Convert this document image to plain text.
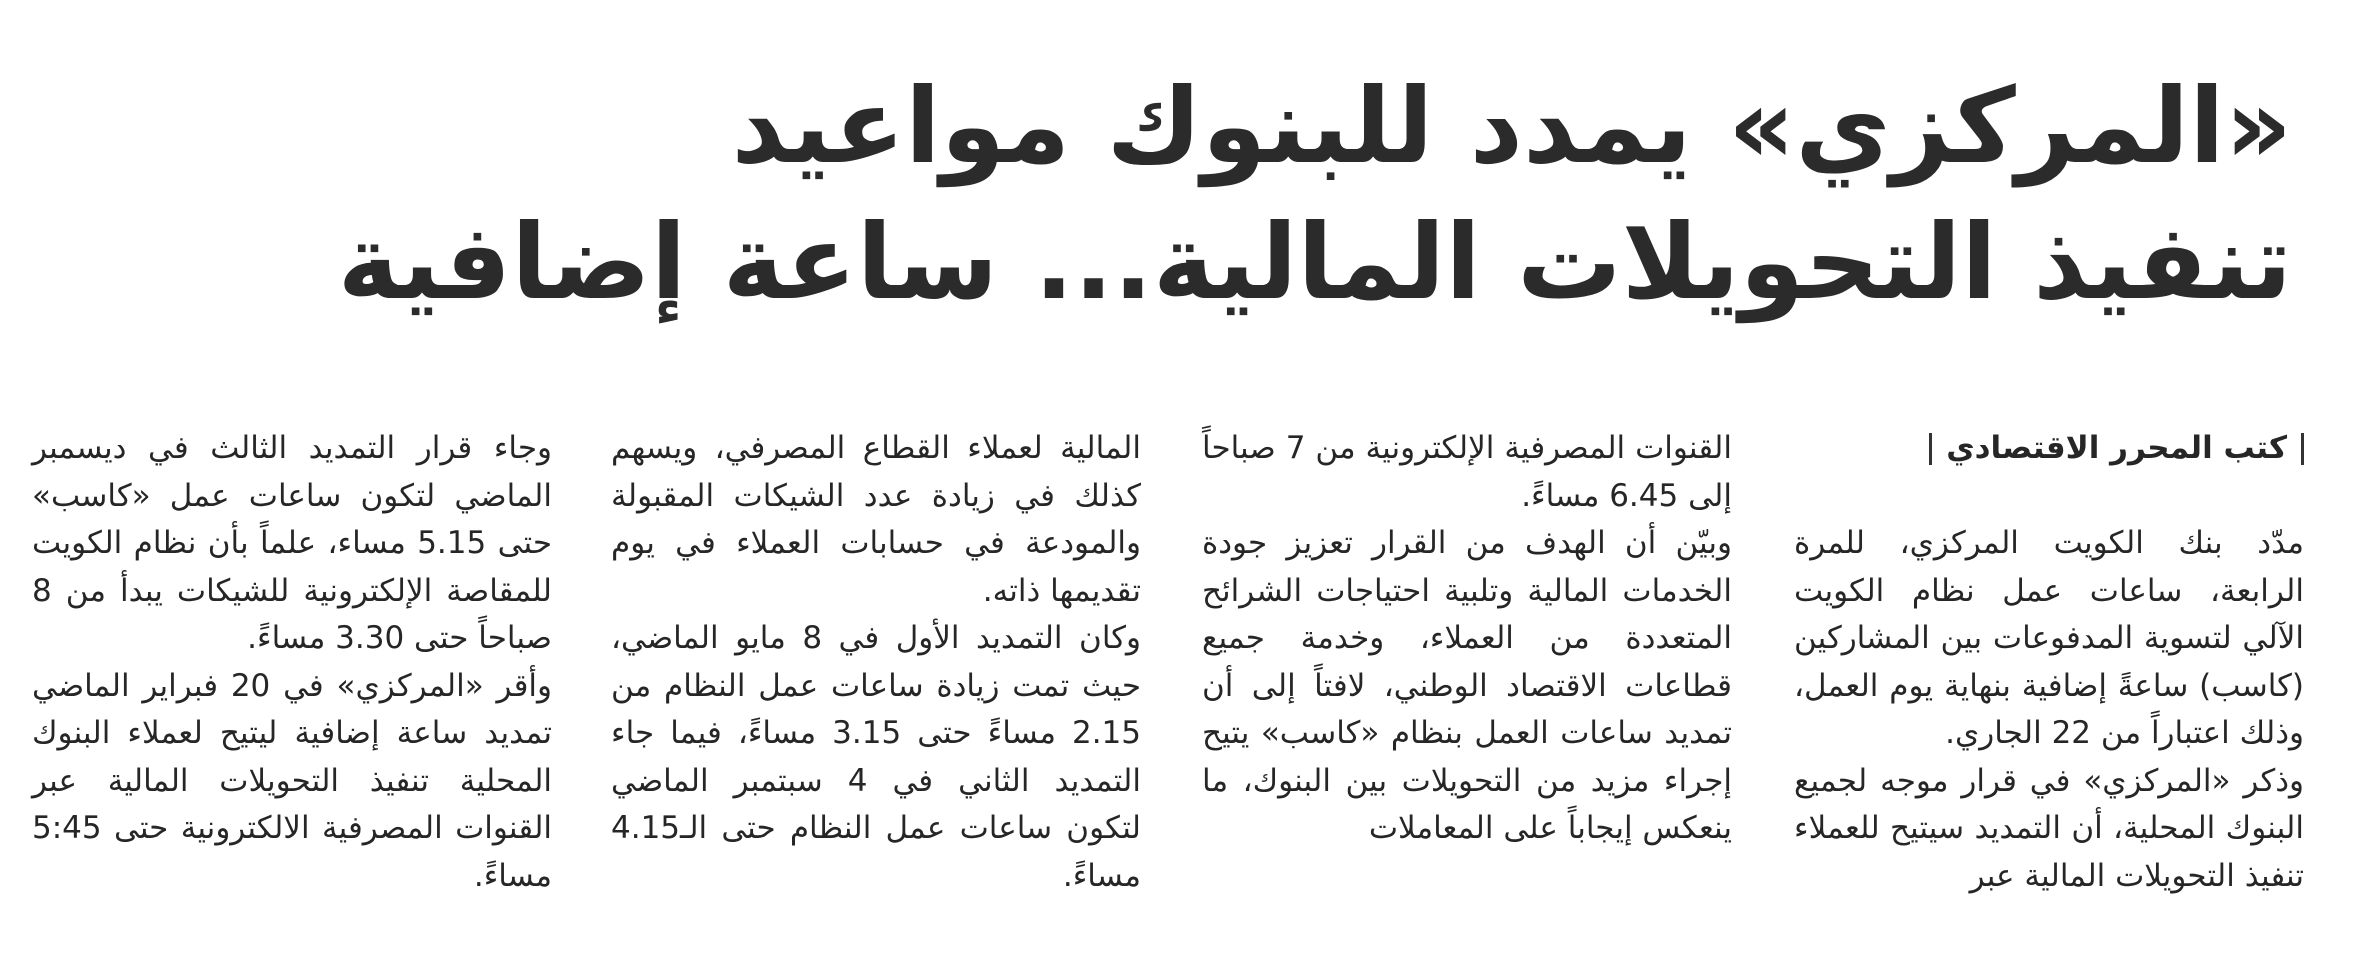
«المركزي» يمدد للبنوك مواعيد
تنفيذ التحويلات المالية... ساعة إضافية
كتب المحرر الاقتصادي

مدّد بنك الكويت المركزي، للمرة الرابعة، ساعات عمل نظام الكويت الآلي لتسوية المدفوعات بين المشاركين (كاسب) ساعةً إضافية بنهاية يوم العمل، وذلك اعتباراً من 22 الجاري.

وذكر «المركزي» في قرار موجه لجميع البنوك المحلية، أن التمديد سيتيح للعملاء تنفيذ التحويلات المالية عبر

القنوات المصرفية الإلكترونية من 7 صباحاً إلى 6.45 مساءً.

وبيّن أن الهدف من القرار تعزيز جودة الخدمات المالية وتلبية احتياجات الشرائح المتعددة من العملاء، وخدمة جميع قطاعات الاقتصاد الوطني، لافتاً إلى أن تمديد ساعات العمل بنظام «كاسب» يتيح إجراء مزيد من التحويلات بين البنوك، ما ينعكس إيجاباً على المعاملات

المالية لعملاء القطاع المصرفي، ويسهم كذلك في زيادة عدد الشيكات المقبولة والمودعة في حسابات العملاء في يوم تقديمها ذاته.

وكان التمديد الأول في 8 مايو الماضي، حيث تمت زيادة ساعات عمل النظام من 2.15 مساءً حتى 3.15 مساءً، فيما جاء التمديد الثاني في 4 سبتمبر الماضي لتكون ساعات عمل النظام حتى الـ4.15 مساءً.

وجاء قرار التمديد الثالث في ديسمبر الماضي لتكون ساعات عمل «كاسب» حتى 5.15 مساء، علماً بأن نظام الكويت للمقاصة الإلكترونية للشيكات يبدأ من 8 صباحاً حتى 3.30 مساءً.

وأقر «المركزي» في 20 فبراير الماضي تمديد ساعة إضافية ليتيح لعملاء البنوك المحلية تنفيذ التحويلات المالية عبر القنوات المصرفية الالكترونية حتى 5:45 مساءً.
